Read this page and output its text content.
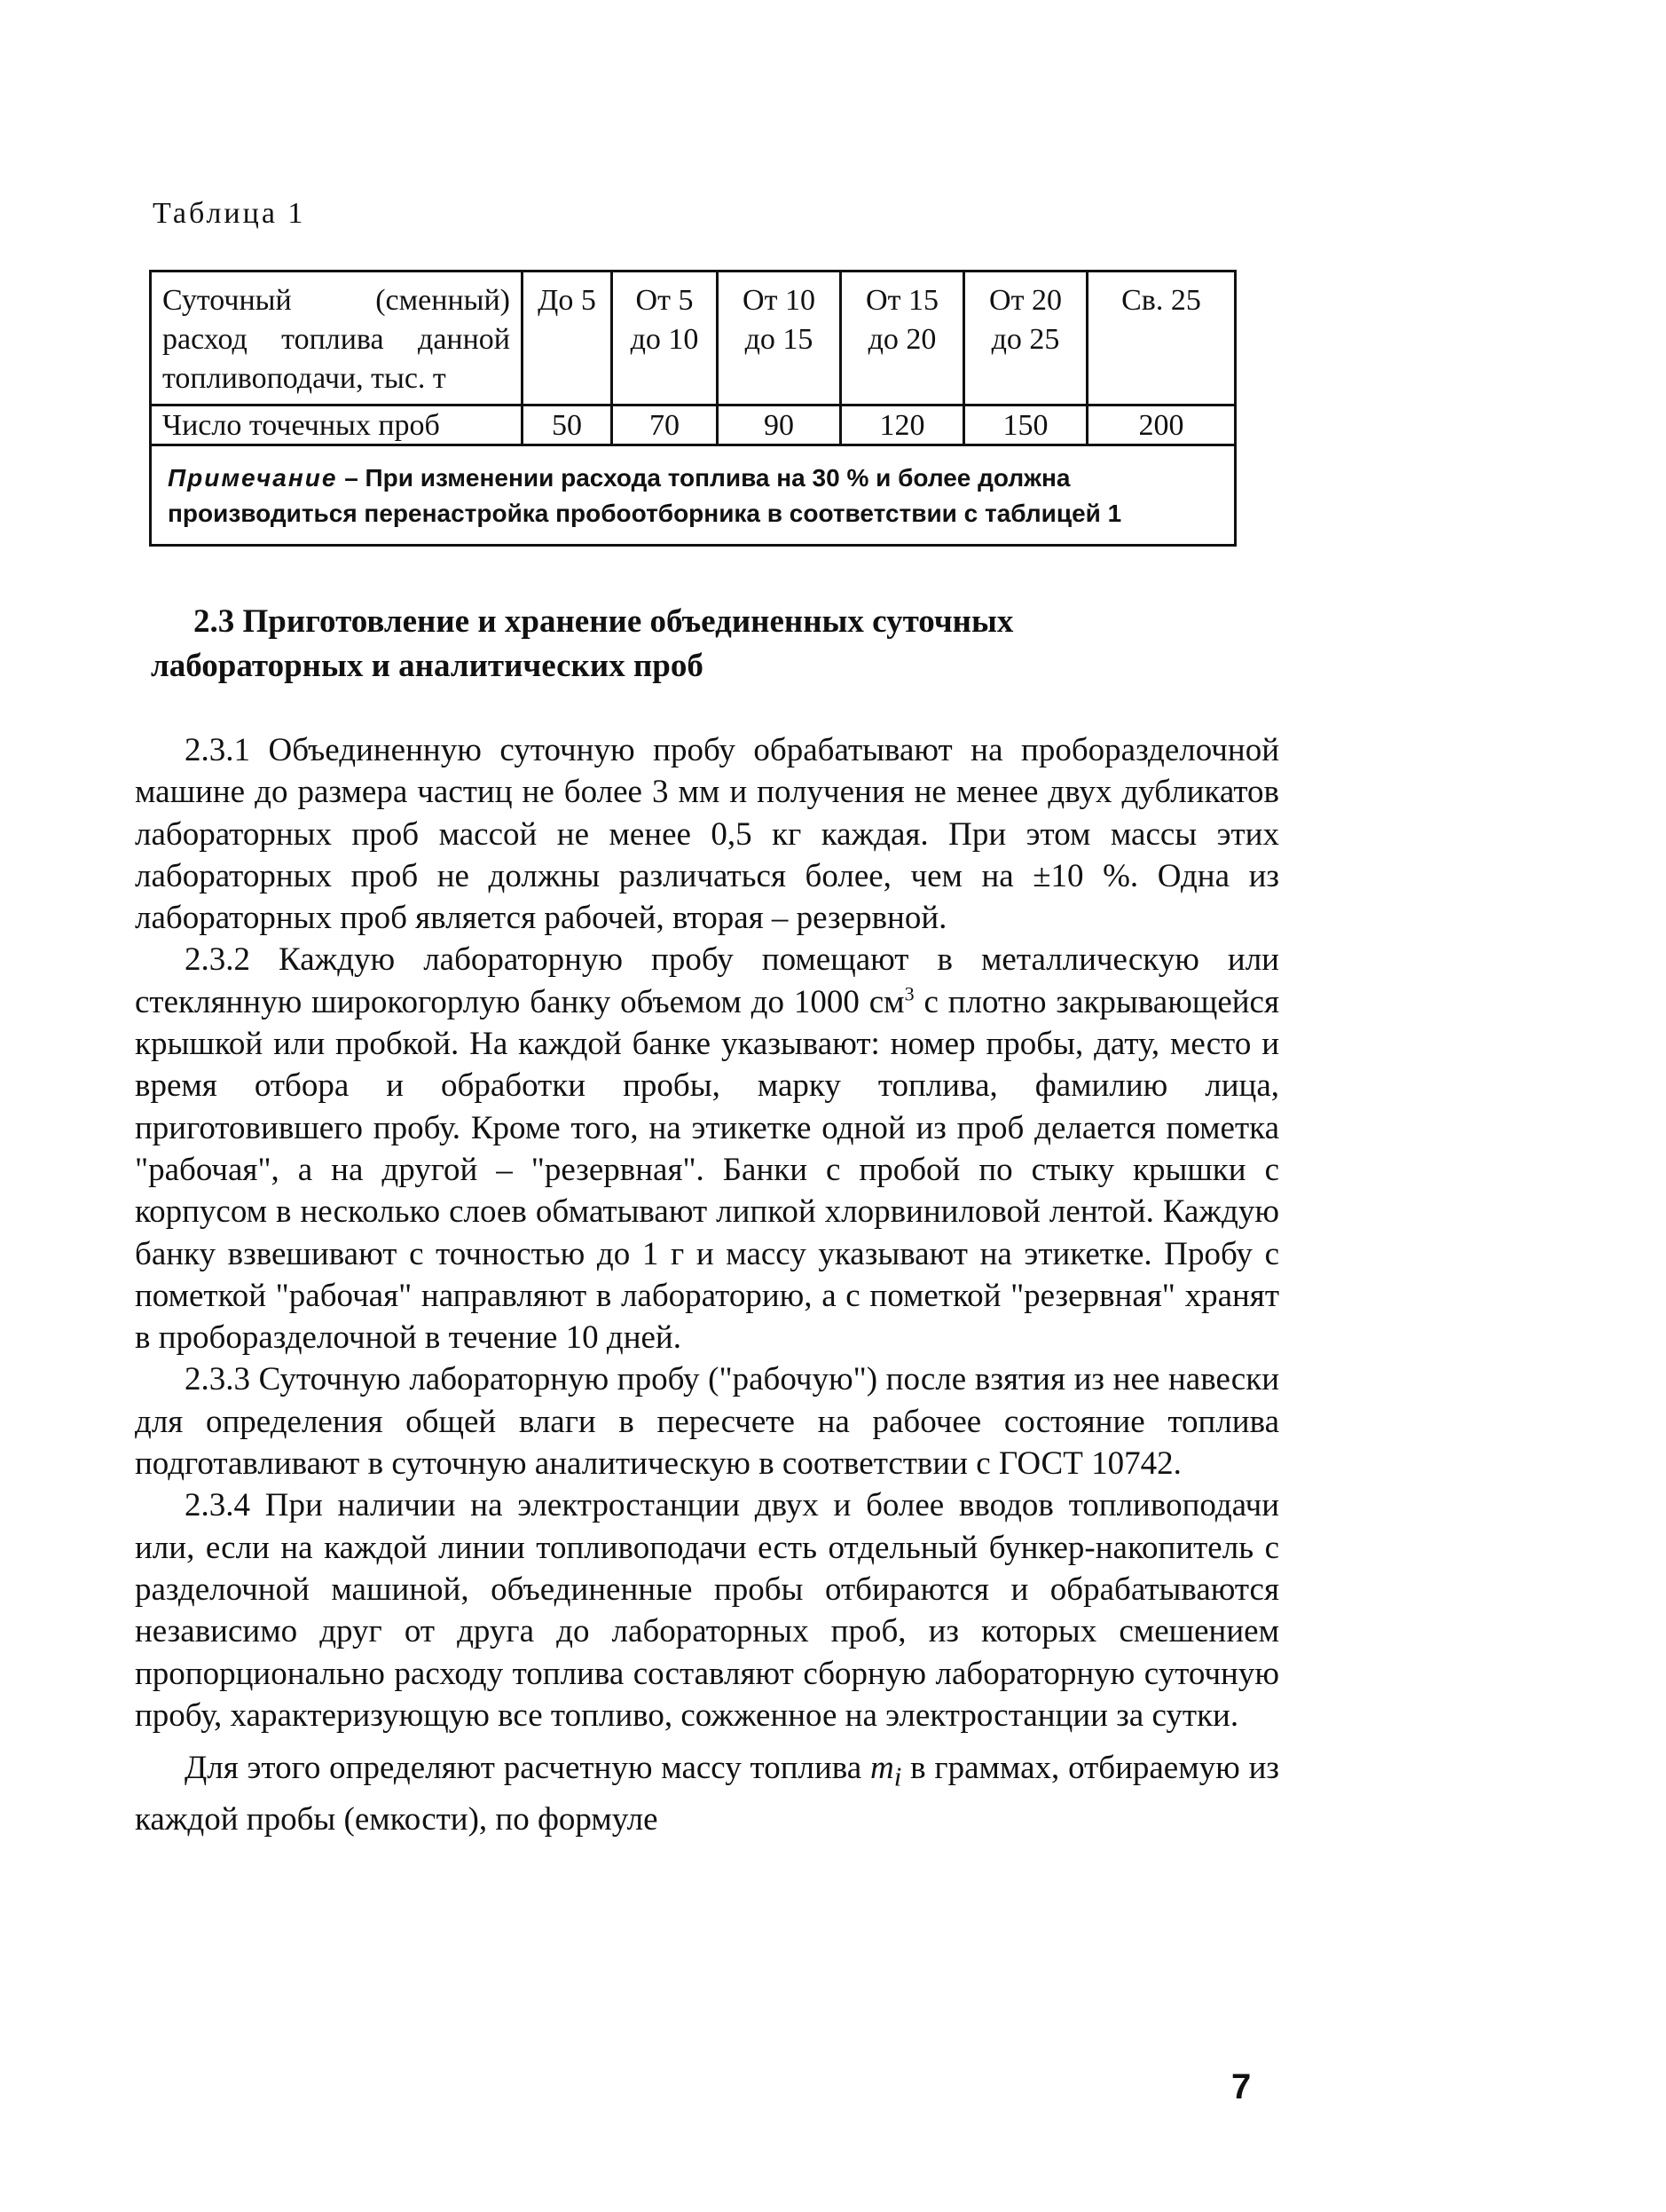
Таблица 1
Суточный (сменный) расход топлива данной топливоподачи, тыс. т	До 5	От 5 до 10	От 10 до 15	От 15 до 20	От 20 до 25	Св. 25
Число точечных проб	50	70	90	120	150	200
Примечание – При изменении расхода топлива на 30 % и более должна производиться перенастройка пробоотборника в соответствии с таблицей 1						
2.3 Приготовление и хранение объединенных суточных
лабораторных и аналитических проб

2.3.1 Объединенную суточную пробу обрабатывают на проборазделочной машине до размера частиц не более 3 мм и получения не менее двух дубликатов лабораторных проб массой не менее 0,5 кг каждая. При этом массы этих лабораторных проб не должны различаться более, чем на ±10 %. Одна из лабораторных проб является рабочей, вторая – резервной.

2.3.2 Каждую лабораторную пробу помещают в металлическую или стеклянную широкогорлую банку объемом до 1000 $см^3$ с плотно закрывающейся крышкой или пробкой. На каждой банке указывают: номер пробы, дату, место и время отбора и обработки пробы, марку топлива, фамилию лица, приготовившего пробу. Кроме того, на этикетке одной из проб делается пометка "рабочая", а на другой – "резервная". Банки с пробой по стыку крышки с корпусом в несколько слоев обматывают липкой хлорвиниловой лентой. Каждую банку взвешивают с точностью до 1 г и массу указывают на этикетке. Пробу с пометкой "рабочая" направляют в лабораторию, а с пометкой "резервная" хранят в проборазделочной в течение 10 дней.

2.3.3 Суточную лабораторную пробу ("рабочую") после взятия из нее навески для определения общей влаги в пересчете на рабочее состояние топлива подготавливают в суточную аналитическую в соответствии с ГОСТ 10742.

2.3.4 При наличии на электростанции двух и более вводов топливоподачи или, если на каждой линии топливоподачи есть отдельный бункер-накопитель с разделочной машиной, объединенные пробы отбираются и обрабатываются независимо друг от друга до лабораторных проб, из которых смешением пропорционально расходу топлива составляют сборную лабораторную суточную пробу, характеризующую все топливо, сожженное на электростанции за сутки.

Для этого определяют расчетную массу топлива $m_i$ в граммах, отбираемую из каждой пробы (емкости), по формуле

7
